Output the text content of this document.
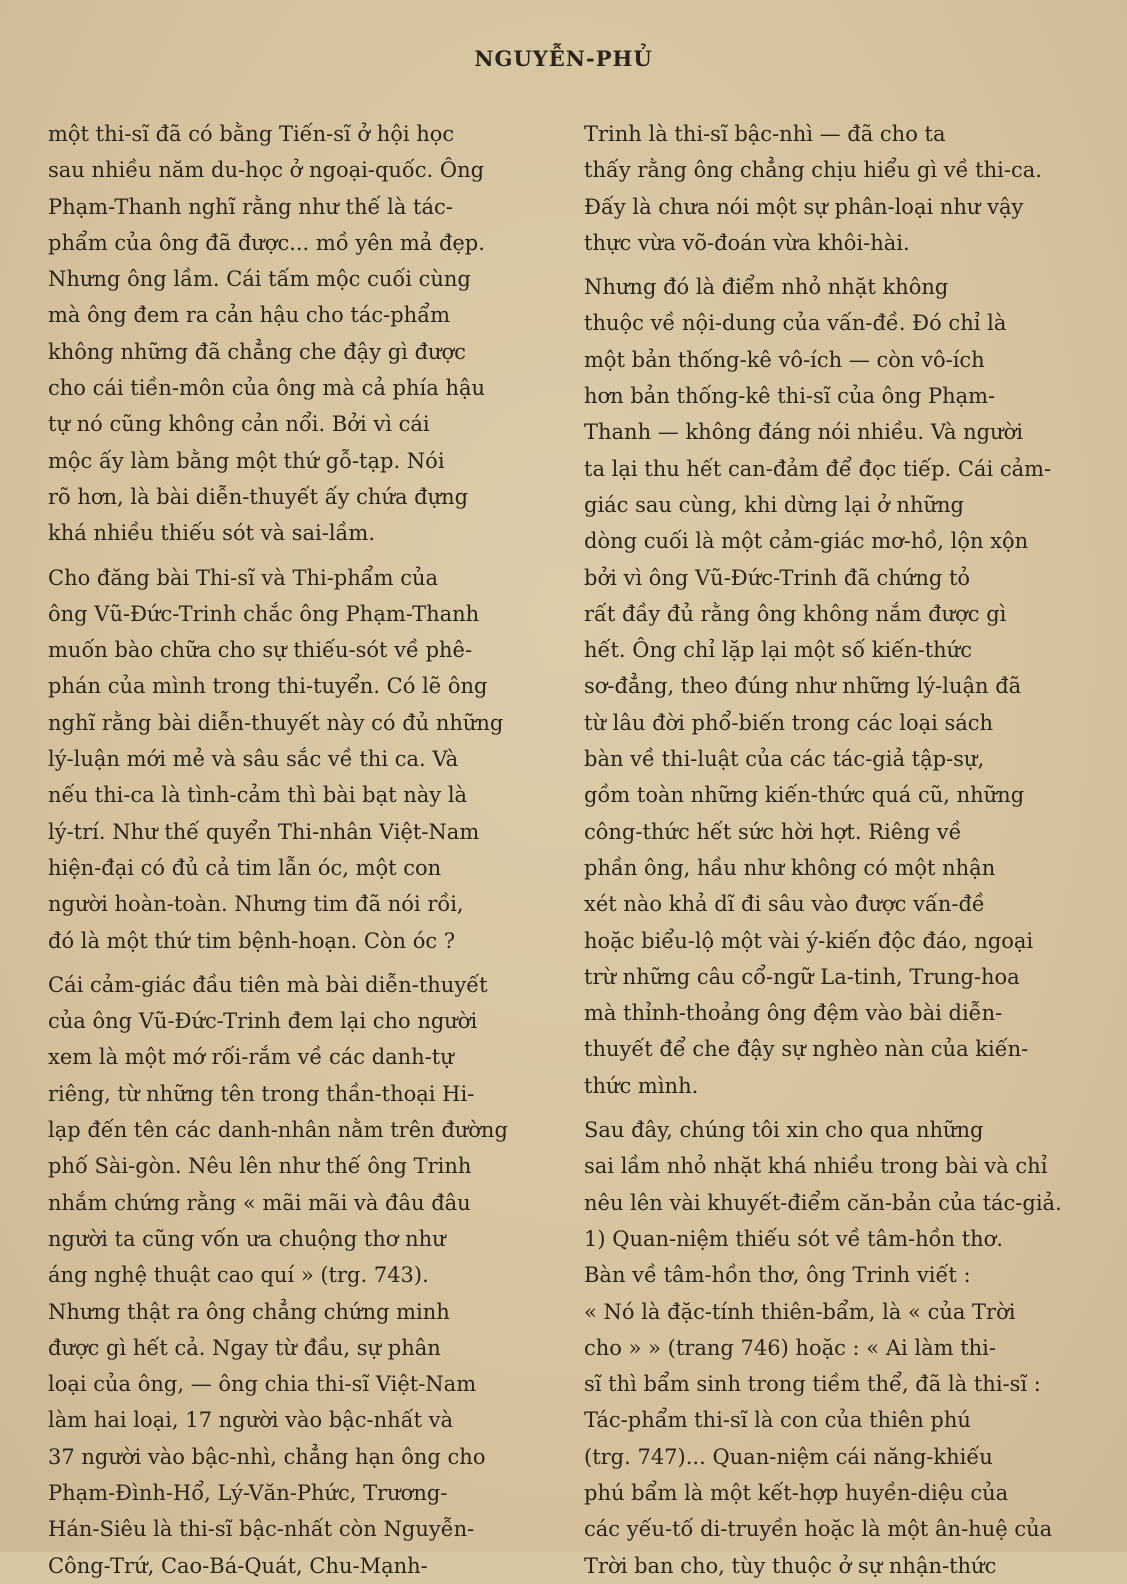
NGUYỄN-PHỦ
một thi-sĩ đã có bằng Tiến-sĩ ở hội học
sau nhiều năm du-học ở ngoại-quốc. Ông
Phạm-Thanh nghĩ rằng như thế là tác-
phẩm của ông đã được... mồ yên mả đẹp.
Nhưng ông lầm. Cái tấm mộc cuối cùng
mà ông đem ra cản hậu cho tác-phẩm
không những đã chẳng che đậy gì được
cho cái tiền-môn của ông mà cả phía hậu
tự nó cũng không cản nổi. Bởi vì cái
mộc ấy làm bằng một thứ gỗ-tạp. Nói
rõ hơn, là bài diễn-thuyết ấy chứa đựng
khá nhiều thiếu sót và sai-lầm.
Cho đăng bài Thi-sĩ và Thi-phẩm của
ông Vũ-Đức-Trinh chắc ông Phạm-Thanh
muốn bào chữa cho sự thiếu-sót về phê-
phán của mình trong thi-tuyển. Có lẽ ông
nghĩ rằng bài diễn-thuyết này có đủ những
lý-luận mới mẻ và sâu sắc về thi ca. Và
nếu thi-ca là tình-cảm thì bài bạt này là
lý-trí. Như thế quyển Thi-nhân Việt-Nam
hiện-đại có đủ cả tim lẫn óc, một con
người hoàn-toàn. Nhưng tim đã nói rồi,
đó là một thứ tim bệnh-hoạn. Còn óc ?
Cái cảm-giác đầu tiên mà bài diễn-thuyết
của ông Vũ-Đức-Trinh đem lại cho người
xem là một mớ rối-rắm về các danh-tự
riêng, từ những tên trong thần-thoại Hi-
lạp đến tên các danh-nhân nằm trên đường
phố Sài-gòn. Nêu lên như thế ông Trinh
nhắm chứng rằng « mãi mãi và đâu đâu
người ta cũng vốn ưa chuộng thơ như
áng nghệ thuật cao quí » (trg. 743).
Nhưng thật ra ông chẳng chứng minh
được gì hết cả. Ngay từ đầu, sự phân
loại của ông, — ông chia thi-sĩ Việt-Nam
làm hai loại, 17 người vào bậc-nhất và
37 người vào bậc-nhì, chẳng hạn ông cho
Phạm-Đình-Hổ, Lý-Văn-Phức, Trương-
Hán-Siêu là thi-sĩ bậc-nhất còn Nguyễn-
Công-Trứ, Cao-Bá-Quát, Chu-Mạnh-
Trinh là thi-sĩ bậc-nhì — đã cho ta
thấy rằng ông chẳng chịu hiểu gì về thi-ca.
Đấy là chưa nói một sự phân-loại như vậy
thực vừa võ-đoán vừa khôi-hài.
Nhưng đó là điểm nhỏ nhặt không
thuộc về nội-dung của vấn-đề. Đó chỉ là
một bản thống-kê vô-ích — còn vô-ích
hơn bản thống-kê thi-sĩ của ông Phạm-
Thanh — không đáng nói nhiều. Và người
ta lại thu hết can-đảm để đọc tiếp. Cái cảm-
giác sau cùng, khi dừng lại ở những
dòng cuối là một cảm-giác mơ-hồ, lộn xộn
bởi vì ông Vũ-Đức-Trinh đã chứng tỏ
rất đầy đủ rằng ông không nắm được gì
hết. Ông chỉ lặp lại một số kiến-thức
sơ-đẳng, theo đúng như những lý-luận đã
từ lâu đời phổ-biến trong các loại sách
bàn về thi-luật của các tác-giả tập-sự,
gồm toàn những kiến-thức quá cũ, những
công-thức hết sức hời hợt. Riêng về
phần ông, hầu như không có một nhận
xét nào khả dĩ đi sâu vào được vấn-đề
hoặc biểu-lộ một vài ý-kiến độc đáo, ngoại
trừ những câu cổ-ngữ La-tinh, Trung-hoa
mà thỉnh-thoảng ông đệm vào bài diễn-
thuyết để che đậy sự nghèo nàn của kiến-
thức mình.
Sau đây, chúng tôi xin cho qua những
sai lầm nhỏ nhặt khá nhiều trong bài và chỉ
nêu lên vài khuyết-điểm căn-bản của tác-giả.
1) Quan-niệm thiếu sót về tâm-hồn thơ.
Bàn về tâm-hồn thơ, ông Trinh viết :
« Nó là đặc-tính thiên-bẩm, là « của Trời
cho » » (trang 746) hoặc : « Ai làm thi-
sĩ thì bẩm sinh trong tiềm thể, đã là thi-sĩ :
Tác-phẩm thi-sĩ là con của thiên phú
(trg. 747)... Quan-niệm cái năng-khiếu
phú bẩm là một kết-hợp huyền-diệu của
các yếu-tố di-truyền hoặc là một ân-huệ của
Trời ban cho, tùy thuộc ở sự nhận-thức
